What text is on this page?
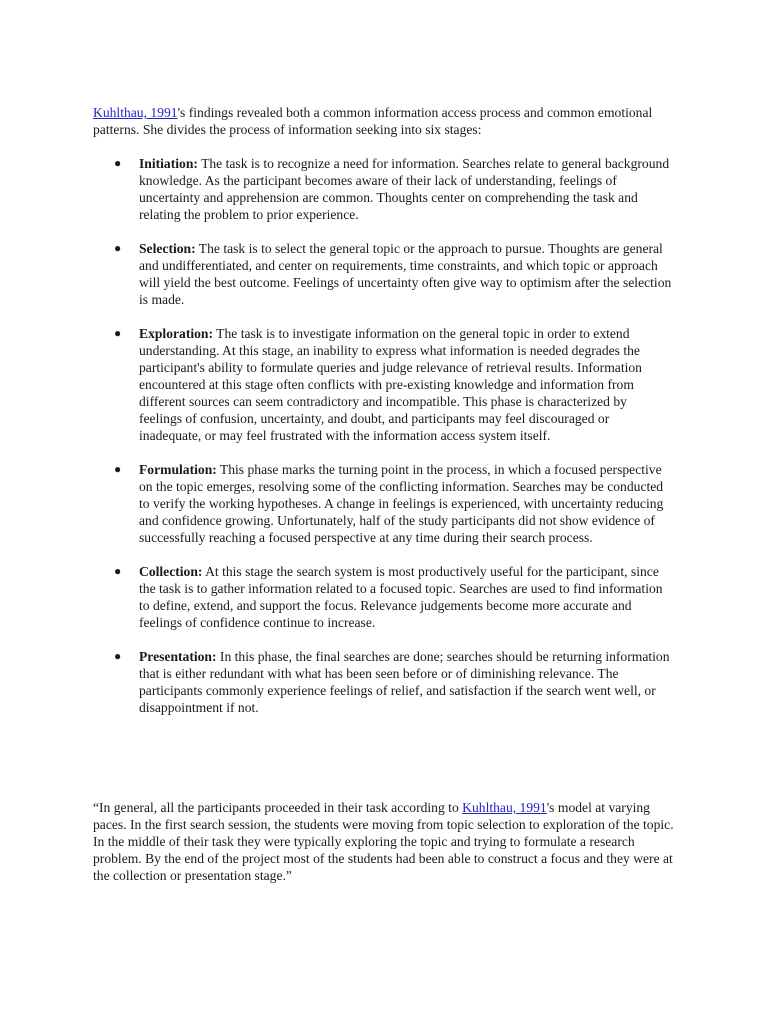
Kuhlthau, 1991's findings revealed both a common information access process and common emotional patterns. She divides the process of information seeking into six stages:

● Initiation: The task is to recognize a need for information. Searches relate to general background knowledge. As the participant becomes aware of their lack of understanding, feelings of uncertainty and apprehension are common. Thoughts center on comprehending the task and relating the problem to prior experience.
● Selection: The task is to select the general topic or the approach to pursue. Thoughts are general and undifferentiated, and center on requirements, time constraints, and which topic or approach will yield the best outcome. Feelings of uncertainty often give way to optimism after the selection is made.
● Exploration: The task is to investigate information on the general topic in order to extend understanding. At this stage, an inability to express what information is needed degrades the participant's ability to formulate queries and judge relevance of retrieval results. Information encountered at this stage often conflicts with pre-existing knowledge and information from different sources can seem contradictory and incompatible. This phase is characterized by feelings of confusion, uncertainty, and doubt, and participants may feel discouraged or inadequate, or may feel frustrated with the information access system itself.
● Formulation: This phase marks the turning point in the process, in which a focused perspective on the topic emerges, resolving some of the conflicting information. Searches may be conducted to verify the working hypotheses. A change in feelings is experienced, with uncertainty reducing and confidence growing. Unfortunately, half of the study participants did not show evidence of successfully reaching a focused perspective at any time during their search process.
● Collection: At this stage the search system is most productively useful for the participant, since the task is to gather information related to a focused topic. Searches are used to find information to define, extend, and support the focus. Relevance judgements become more accurate and feelings of confidence continue to increase.
● Presentation: In this phase, the final searches are done; searches should be returning information that is either redundant with what has been seen before or of diminishing relevance. The participants commonly experience feelings of relief, and satisfaction if the search went well, or disappointment if not.

“In general, all the participants proceeded in their task according to Kuhlthau, 1991's model at varying paces. In the first search session, the students were moving from topic selection to exploration of the topic. In the middle of their task they were typically exploring the topic and trying to formulate a research problem. By the end of the project most of the students had been able to construct a focus and they were at the collection or presentation stage.”
